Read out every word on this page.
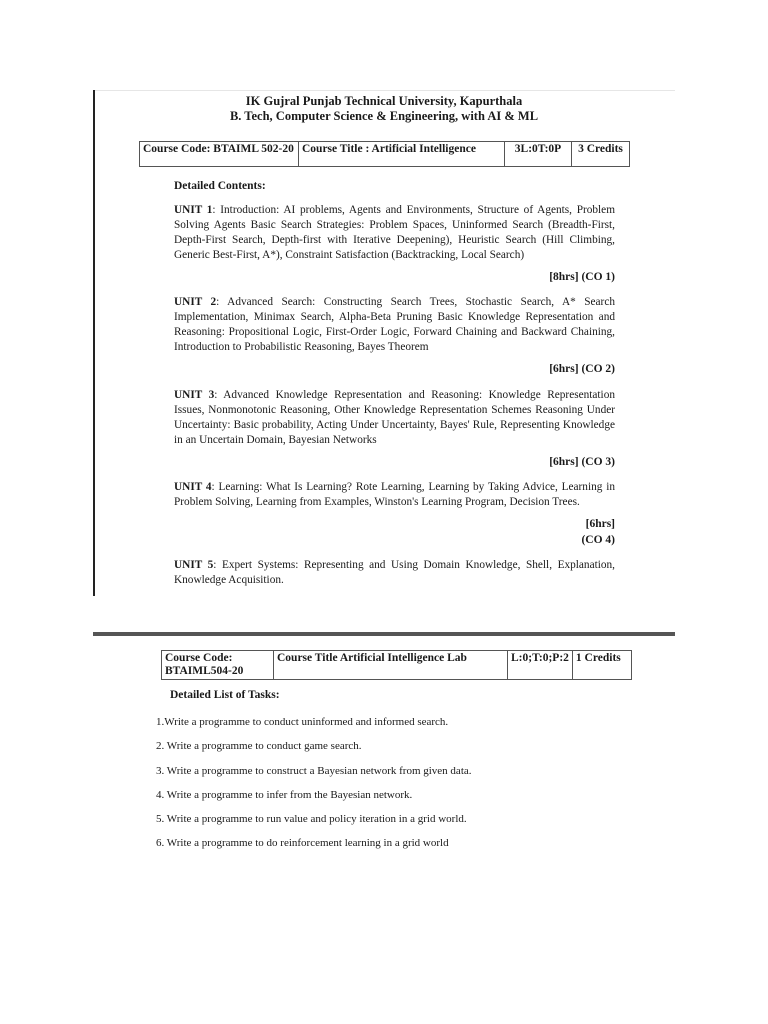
IK Gujral Punjab Technical University, Kapurthala
B. Tech, Computer Science & Engineering, with AI & ML
Course Code: BTAIML 502-20	Course Title : Artificial Intelligence	3L:0T:0P	3 Credits
Detailed Contents:
UNIT 1: Introduction: AI problems, Agents and Environments, Structure of Agents, Problem Solving Agents Basic Search Strategies: Problem Spaces, Uninformed Search (Breadth-First, Depth-First Search, Depth-first with Iterative Deepening), Heuristic Search (Hill Climbing, Generic Best-First, A*), Constraint Satisfaction (Backtracking, Local Search)
[8hrs] (CO 1)
UNIT 2: Advanced Search: Constructing Search Trees, Stochastic Search, A* Search Implementation, Minimax Search, Alpha-Beta Pruning Basic Knowledge Representation and Reasoning: Propositional Logic, First-Order Logic, Forward Chaining and Backward Chaining, Introduction to Probabilistic Reasoning, Bayes Theorem
[6hrs] (CO 2)
UNIT 3: Advanced Knowledge Representation and Reasoning: Knowledge Representation Issues, Nonmonotonic Reasoning, Other Knowledge Representation Schemes Reasoning Under Uncertainty: Basic probability, Acting Under Uncertainty, Bayes' Rule, Representing Knowledge in an Uncertain Domain, Bayesian Networks
[6hrs] (CO 3)
UNIT 4: Learning: What Is Learning? Rote Learning, Learning by Taking Advice, Learning in Problem Solving, Learning from Examples, Winston's Learning Program, Decision Trees.
[6hrs]
(CO 4)
UNIT 5: Expert Systems: Representing and Using Domain Knowledge, Shell, Explanation, Knowledge Acquisition.
Course Code:
BTAIML504-20	Course Title Artificial Intelligence Lab	L:0;T:0;P:2	1 Credits
Detailed List of Tasks:
1.Write a programme to conduct uninformed and informed search.
2. Write a programme to conduct game search.
3. Write a programme to construct a Bayesian network from given data.
4. Write a programme to infer from the Bayesian network.
5. Write a programme to run value and policy iteration in a grid world.
6. Write a programme to do reinforcement learning in a grid world
